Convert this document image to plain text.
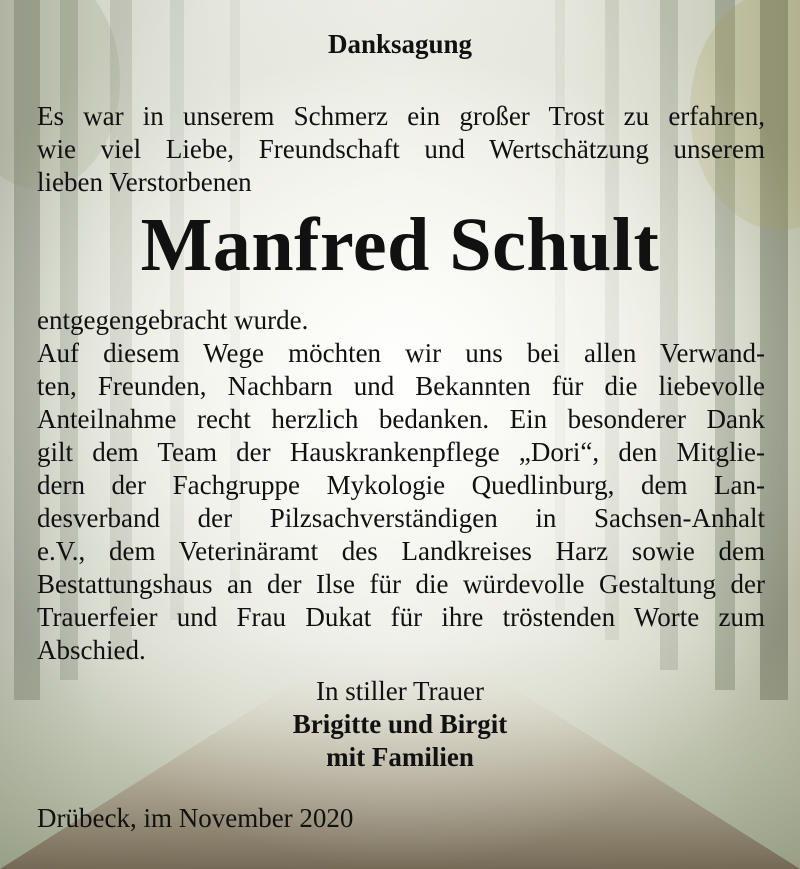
Danksagung
Es war in unserem Schmerz ein großer Trost zu erfahren,
wie viel Liebe, Freundschaft und Wertschätzung unserem
lieben Verstorbenen
Manfred Schult
entgegengebracht wurde.
Auf diesem Wege möchten wir uns bei allen Verwand-
ten, Freunden, Nachbarn und Bekannten für die liebevolle
Anteilnahme recht herzlich bedanken. Ein besonderer Dank
gilt dem Team der Hauskrankenpflege „Dori“, den Mitglie-
dern der Fachgruppe Mykologie Quedlinburg, dem Lan-
desverband der Pilzsachverständigen in Sachsen-Anhalt
e.V., dem Veterinäramt des Landkreises Harz sowie dem
Bestattungshaus an der Ilse für die würdevolle Gestaltung der
Trauerfeier und Frau Dukat für ihre tröstenden Worte zum
Abschied.
In stiller Trauer
Brigitte und Birgit
mit Familien
Drübeck, im November 2020
